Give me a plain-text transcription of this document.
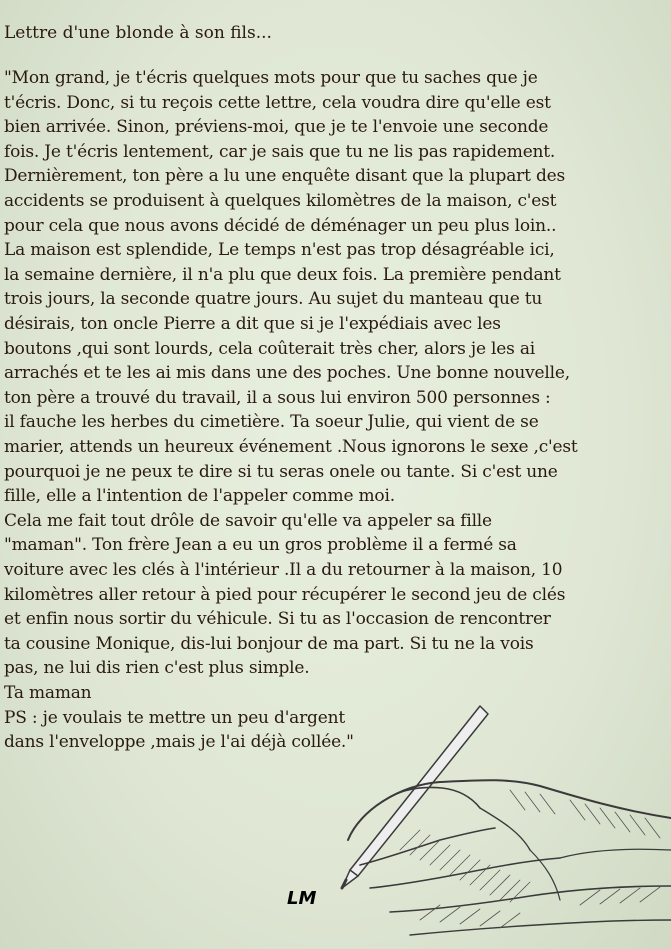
Lettre d'une blonde à son fils...
"Mon grand, je t'écris quelques mots pour que tu saches que je
t'écris. Donc, si tu reçois cette lettre, cela voudra dire qu'elle est
bien arrivée. Sinon, préviens-moi, que je te l'envoie une seconde
fois. Je t'écris lentement, car je sais que tu ne lis pas rapidement.
Dernièrement, ton père a lu une enquête disant que la plupart des
accidents se produisent à quelques kilomètres de la maison, c'est
pour cela que nous avons décidé de déménager un peu plus loin..
La maison est splendide, Le temps n'est pas trop désagréable ici,
la semaine dernière, il n'a plu que deux fois. La première pendant
trois jours, la seconde quatre jours. Au sujet du manteau que tu
désirais, ton oncle Pierre a dit que si je l'expédiais avec les
boutons ,qui sont lourds, cela coûterait très cher, alors je les ai
arrachés et te les ai mis dans une des poches. Une bonne nouvelle,
ton père a trouvé du travail, il a sous lui environ 500 personnes :
il fauche les herbes du cimetière. Ta soeur Julie, qui vient de se
marier, attends un heureux événement .Nous ignorons le sexe ,c'est
pourquoi je ne peux te dire si tu seras onele ou tante. Si c'est une
fille, elle a l'intention de l'appeler comme moi.
Cela me fait tout drôle de savoir qu'elle va appeler sa fille
"maman". Ton frère Jean a eu un gros problème il a fermé sa
voiture avec les clés à l'intérieur .Il a du retourner à la maison, 10
kilomètres aller retour à pied pour récupérer le second jeu de clés
et enfin nous sortir du véhicule. Si tu as l'occasion de rencontrer
ta cousine Monique, dis-lui bonjour de ma part. Si tu ne la vois
pas, ne lui dis rien c'est plus simple.
Ta maman
PS : je voulais te mettre un peu d'argent
dans l'enveloppe ,mais je l'ai déjà collée."
LM
